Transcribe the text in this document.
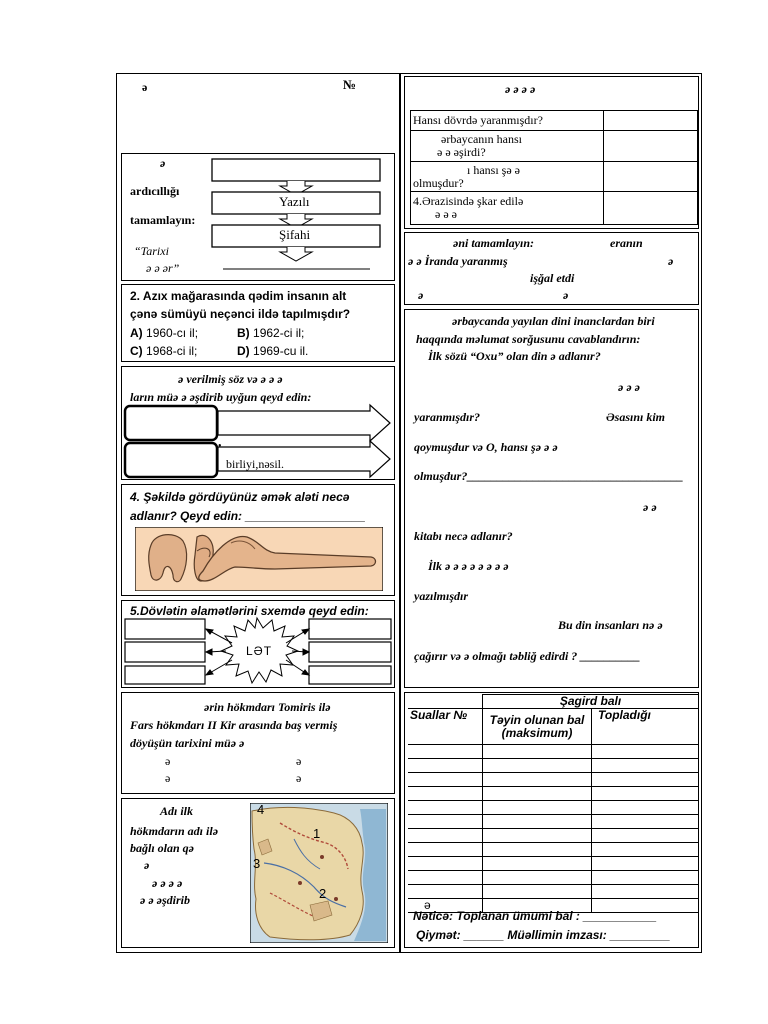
ə	№
ə
ardıcıllığı
tamamlayın:
“Tarixi
ə ə ər”
Yazılı
Şifahi
2. Azıx mağarasında qədim insanın alt
çənə sümüyü neçənci ildə tapılmışdır?
A) 1960-cı il;	B) 1962-ci il;
C) 1968-ci il;	D) 1969-cu il.
ə verilmiş söz və ə ə ə
ların müə ə əşdirib uyğun qeyd edin:
•
birliyi,nəsil.
4. Şəkildə gördüyünüz əmək aləti necə
adlanır? Qeyd edin: __________________
5.Dövlətin əlamətlərini sxemdə qeyd edin:
LƏT
ərin hökmdarı Tomiris ilə
Fars hökmdarı II Kir arasında baş vermiş
döyüşün tarixini müə ə
ə	ə
ə	ə
Adı ilk
hökmdarın adı ilə
bağlı olan qə
ə
ə ə ə ə
ə ə əşdirib
4
1
3
2
ə ə ə ə
Hansı dövrdə yaranmışdır?	

ərbaycanın hansı
ə ə əşirdi?	

ı hansı şə ə
olmuşdur?	

4.Ərazisində şkar edilə
ə ə ə	

əni tamamlayın:	eranın
ə ə İranda yaranmış	ə
işğal etdi
ə	ə
ərbaycanda yayılan dini inanclardan biri
haqqında məlumat sorğusunu cavablandırın:
İlk sözü “Oxu” olan din ə adlanır?
ə ə ə
yaranmışdır?	Əsasını kim
qoymuşdur və O, hansı şə ə ə
olmuşdur?____________________________________
ə ə
kitabı necə adlanır?
İlk ə ə ə ə ə ə ə ə
yazılmışdır
Bu din insanları nə ə
çağırır və ə olmağı təbliğ edirdi ? __________
	Şagird balı	
Suallar №	Təyin olunan bal
(maksimum)	Topladığı

ə		
Nəticə: Toplanan ümumi bal : ___________
Qiymət: ______ Müəllimin imzası: _________
